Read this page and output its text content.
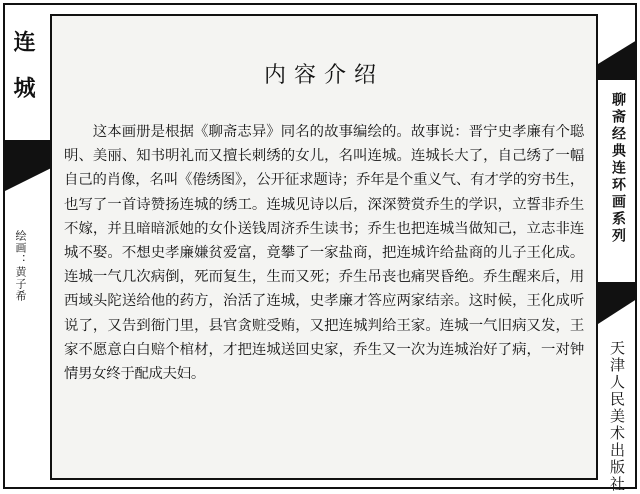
连城
绘画：黄子希
聊斋经典连环画系列
天津人民美术出版社
内容介绍

这本画册是根据《聊斋志异》同名的故事编绘的。故事说：晋宁史孝廉有个聪明、美丽、知书明礼而又擅长刺绣的女儿，名叫连城。连城长大了，自己绣了一幅自己的肖像，名叫《倦绣图》，公开征求题诗；乔年是个重义气、有才学的穷书生，也写了一首诗赞扬连城的绣工。连城见诗以后，深深赞赏乔生的学识，立誓非乔生不嫁，并且暗暗派她的女仆送钱周济乔生读书；乔生也把连城当做知己，立志非连城不娶。不想史孝廉嫌贫爱富，竟攀了一家盐商，把连城许给盐商的儿子王化成。连城一气几次病倒，死而复生，生而又死；乔生吊丧也痛哭昏绝。乔生醒来后，用西域头陀送给他的药方，治活了连城，史孝廉才答应两家结亲。这时候，王化成听说了，又告到衙门里，县官贪赃受贿，又把连城判给王家。连城一气旧病又发，王家不愿意白白赔个棺材，才把连城送回史家，乔生又一次为连城治好了病，一对钟情男女终于配成夫妇。
